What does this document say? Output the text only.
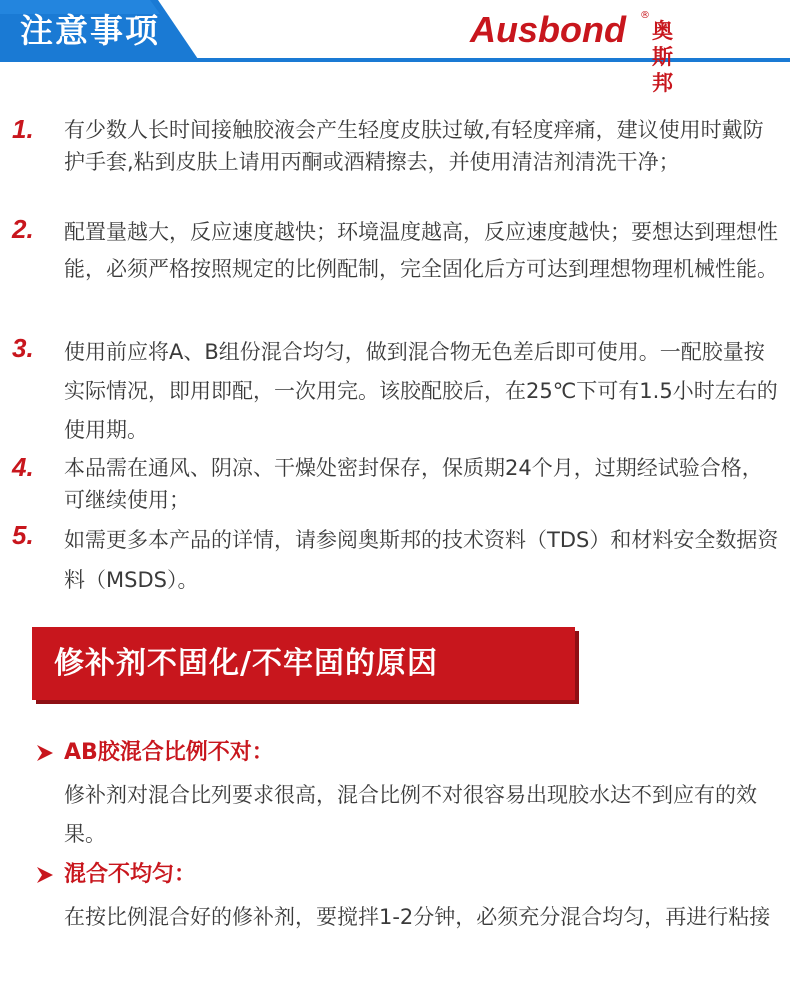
注意事项	Ausbond ®
奥斯邦
1. 有少数人长时间接触胶液会产生轻度皮肤过敏,有轻度痒痛，建议使用时戴防护手套,粘到皮肤上请用丙酮或酒精擦去，并使用清洁剂清洗干净；
2. 配置量越大，反应速度越快；环境温度越高，反应速度越快；要想达到理想性能，必须严格按照规定的比例配制，完全固化后方可达到理想物理机械性能。
3. 使用前应将A、B组份混合均匀，做到混合物无色差后即可使用。一配胶量按实际情况，即用即配，一次用完。该胶配胶后，在25℃下可有1.5小时左右的使用期。
4. 本品需在通风、阴凉、干燥处密封保存，保质期24个月，过期经试验合格，可继续使用；
5. 如需更多本产品的详情，请参阅奥斯邦的技术资料（TDS）和材料安全数据资料（MSDS）。
修补剂不固化/不牢固的原因
AB胶混合比例不对：
修补剂对混合比列要求很高，混合比例不对很容易出现胶水达不到应有的效果。
混合不均匀：
在按比例混合好的修补剂，要搅拌1-2分钟，必须充分混合均匀，再进行粘接
